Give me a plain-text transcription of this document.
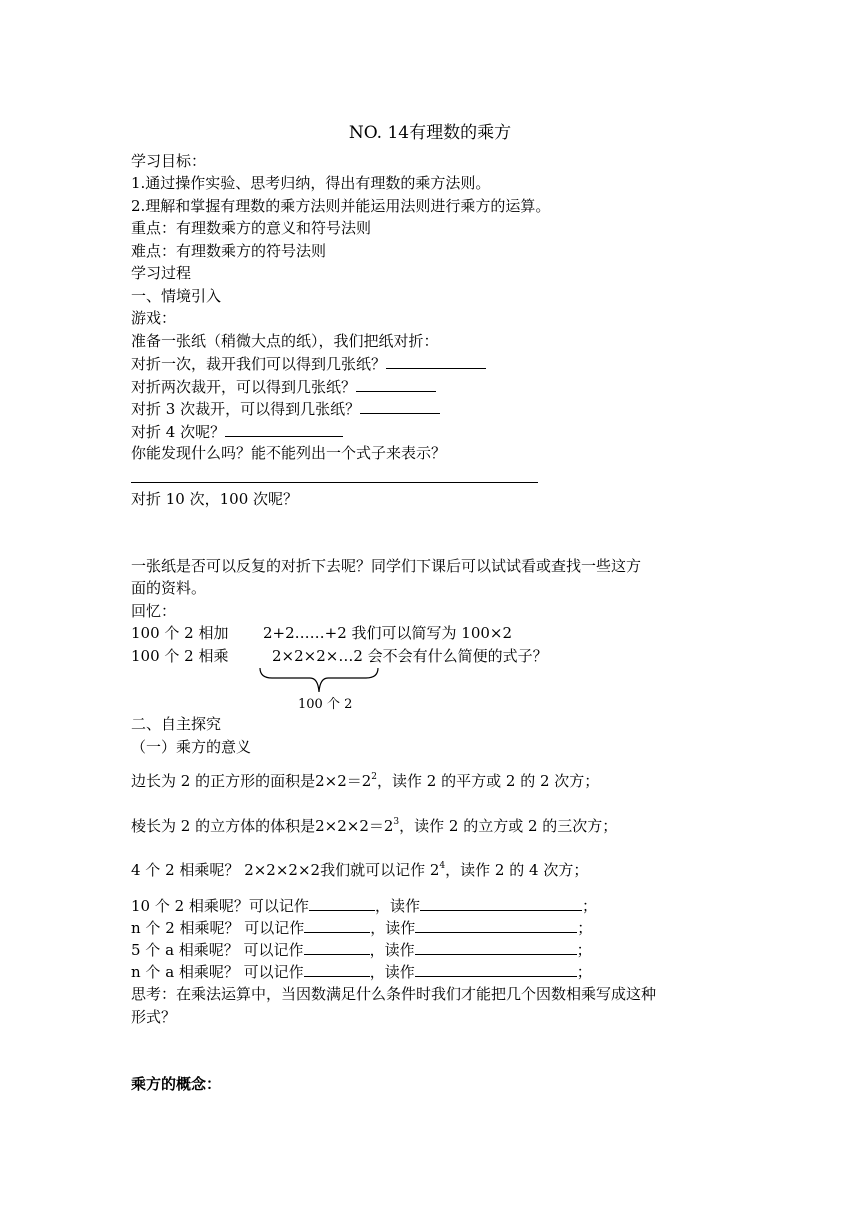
NO. 14有理数的乘方
学习目标：
1.通过操作实验、思考归纳，得出有理数的乘方法则。
2.理解和掌握有理数的乘方法则并能运用法则进行乘方的运算。
重点：有理数乘方的意义和符号法则
难点：有理数乘方的符号法则
学习过程
一、情境引入
游戏：
准备一张纸（稍微大点的纸），我们把纸对折：
对折一次，裁开我们可以得到几张纸？
对折两次裁开，可以得到几张纸？
对折 3 次裁开，可以得到几张纸？
对折 4 次呢？
你能发现什么吗？能不能列出一个式子来表示？
对折 10 次，100 次呢？
一张纸是否可以反复的对折下去呢？同学们下课后可以试试看或查找一些这方
面的资料。
回忆：
100 个 2 相加 2+2……+2 我们可以简写为 100×2
100 个 2 相乘	2×2×2×…2 会不会有什么简便的式子？
100 个 2
二、自主探究
（一）乘方的意义
边长为 2 的正方形的面积是$2\times 2=2^2$，读作 2 的平方或 2 的 2 次方；
棱长为 2 的立方体的体积是$2\times 2\times 2=2^3$，读作 2 的立方或 2 的三次方；
4 个 2 相乘呢？ 2×2×2×2我们就可以记作 $2^4$，读作 2 的 4 次方；
10 个 2 相乘呢？可以记作	，读作	；
n 个 2 相乘呢？ 可以记作	，读作	；
5 个 a 相乘呢？ 可以记作	，读作	；
n 个 a 相乘呢？ 可以记作	，读作	；
思考：在乘法运算中，当因数满足什么条件时我们才能把几个因数相乘写成这种
形式？
乘方的概念：
